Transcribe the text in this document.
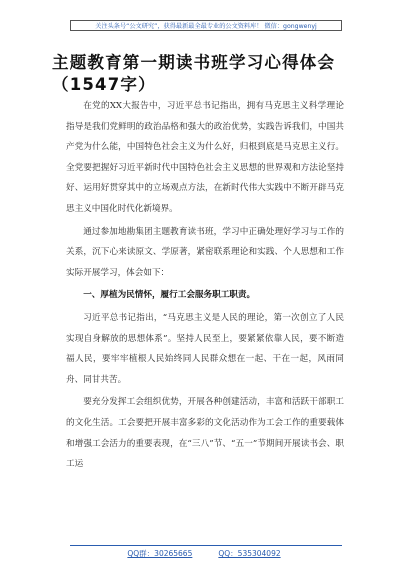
关注头条号“公文研究”，获得最新最全最专业的公文资料库！ 微信：gongwenyj
主题教育第一期读书班学习心得体会
（1547字）

在党的XX大报告中，习近平总书记指出，拥有马克思主义科学理论指导是我们党鲜明的政治品格和强大的政治优势，实践告诉我们，中国共产党为什么能，中国特色社会主义为什么好，归根到底是马克思主义行。全党要把握好习近平新时代中国特色社会主义思想的世界观和方法论坚持好、运用好贯穿其中的立场观点方法，在新时代伟大实践中不断开辟马克思主义中国化时代化新境界。

通过参加地勘集团主题教育读书班，学习中正确处理好学习与工作的关系，沉下心来读原文、学原著，紧密联系理论和实践、个人思想和工作实际开展学习，体会如下：

一、厚植为民情怀，履行工会服务职工职责。

习近平总书记指出，“马克思主义是人民的理论，第一次创立了人民实现自身解放的思想体系”。坚持人民至上，要紧紧依靠人民，要不断造福人民，要牢牢植根人民始终同人民群众想在一起、干在一起，风雨同舟、同甘共苦。

要充分发挥工会组织优势，开展各种创建活动，丰富和活跃干部职工的文化生活。工会要把开展丰富多彩的文化活动作为工会工作的重要载体和增强工会活力的重要表现，在“三八”节、“五一”节期间开展读书会、职工运

QQ群：30265665	QQ：535304092
